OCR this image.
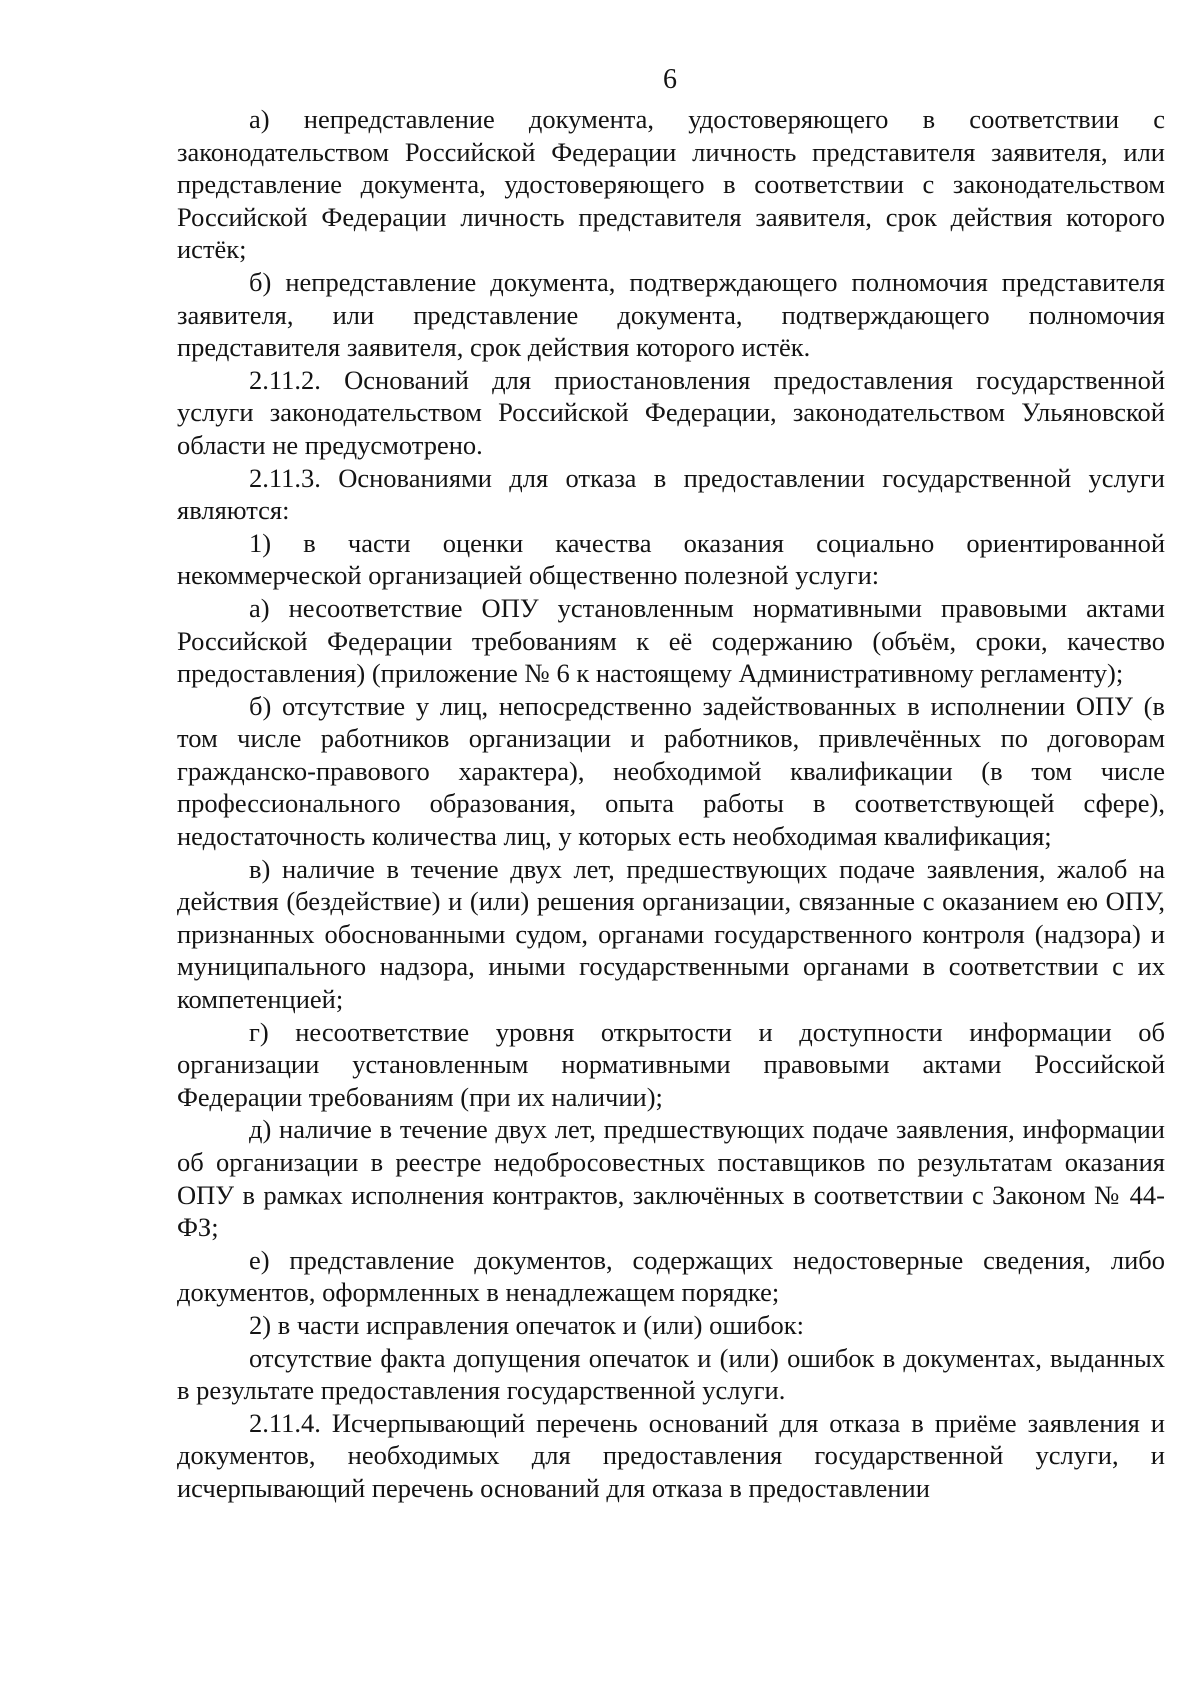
6

а) непредставление документа, удостоверяющего в соответствии с законодательством Российской Федерации личность представителя заявителя, или представление документа, удостоверяющего в соответствии с законодательством Российской Федерации личность представителя заявителя, срок действия которого истёк;

б) непредставление документа, подтверждающего полномочия представителя заявителя, или представление документа, подтверждающего полномочия представителя заявителя, срок действия которого истёк.

2.11.2. Оснований для приостановления предоставления государственной услуги законодательством Российской Федерации, законодательством Ульяновской области не предусмотрено.

2.11.3. Основаниями для отказа в предоставлении государственной услуги являются:

1) в части оценки качества оказания социально ориентированной некоммерческой организацией общественно полезной услуги:

а) несоответствие ОПУ установленным нормативными правовыми актами Российской Федерации требованиям к её содержанию (объём, сроки, качество предоставления) (приложение № 6 к настоящему Административному регламенту);

б) отсутствие у лиц, непосредственно задействованных в исполнении ОПУ (в том числе работников организации и работников, привлечённых по договорам гражданско-правового характера), необходимой квалификации (в том числе профессионального образования, опыта работы в соответствующей сфере), недостаточность количества лиц, у которых есть необходимая квалификация;

в) наличие в течение двух лет, предшествующих подаче заявления, жалоб на действия (бездействие) и (или) решения организации, связанные с оказанием ею ОПУ, признанных обоснованными судом, органами государственного контроля (надзора) и муниципального надзора, иными государственными органами в соответствии с их компетенцией;

г) несоответствие уровня открытости и доступности информации об организации установленным нормативными правовыми актами Российской Федерации требованиям (при их наличии);

д) наличие в течение двух лет, предшествующих подаче заявления, информации об организации в реестре недобросовестных поставщиков по результатам оказания ОПУ в рамках исполнения контрактов, заключённых в соответствии с Законом № 44-ФЗ;

е) представление документов, содержащих недостоверные сведения, либо документов, оформленных в ненадлежащем порядке;

2) в части исправления опечаток и (или) ошибок:

отсутствие факта допущения опечаток и (или) ошибок в документах, выданных в результате предоставления государственной услуги.

2.11.4. Исчерпывающий перечень оснований для отказа в приёме заявления и документов, необходимых для предоставления государственной услуги, и исчерпывающий перечень оснований для отказа в предоставлении
